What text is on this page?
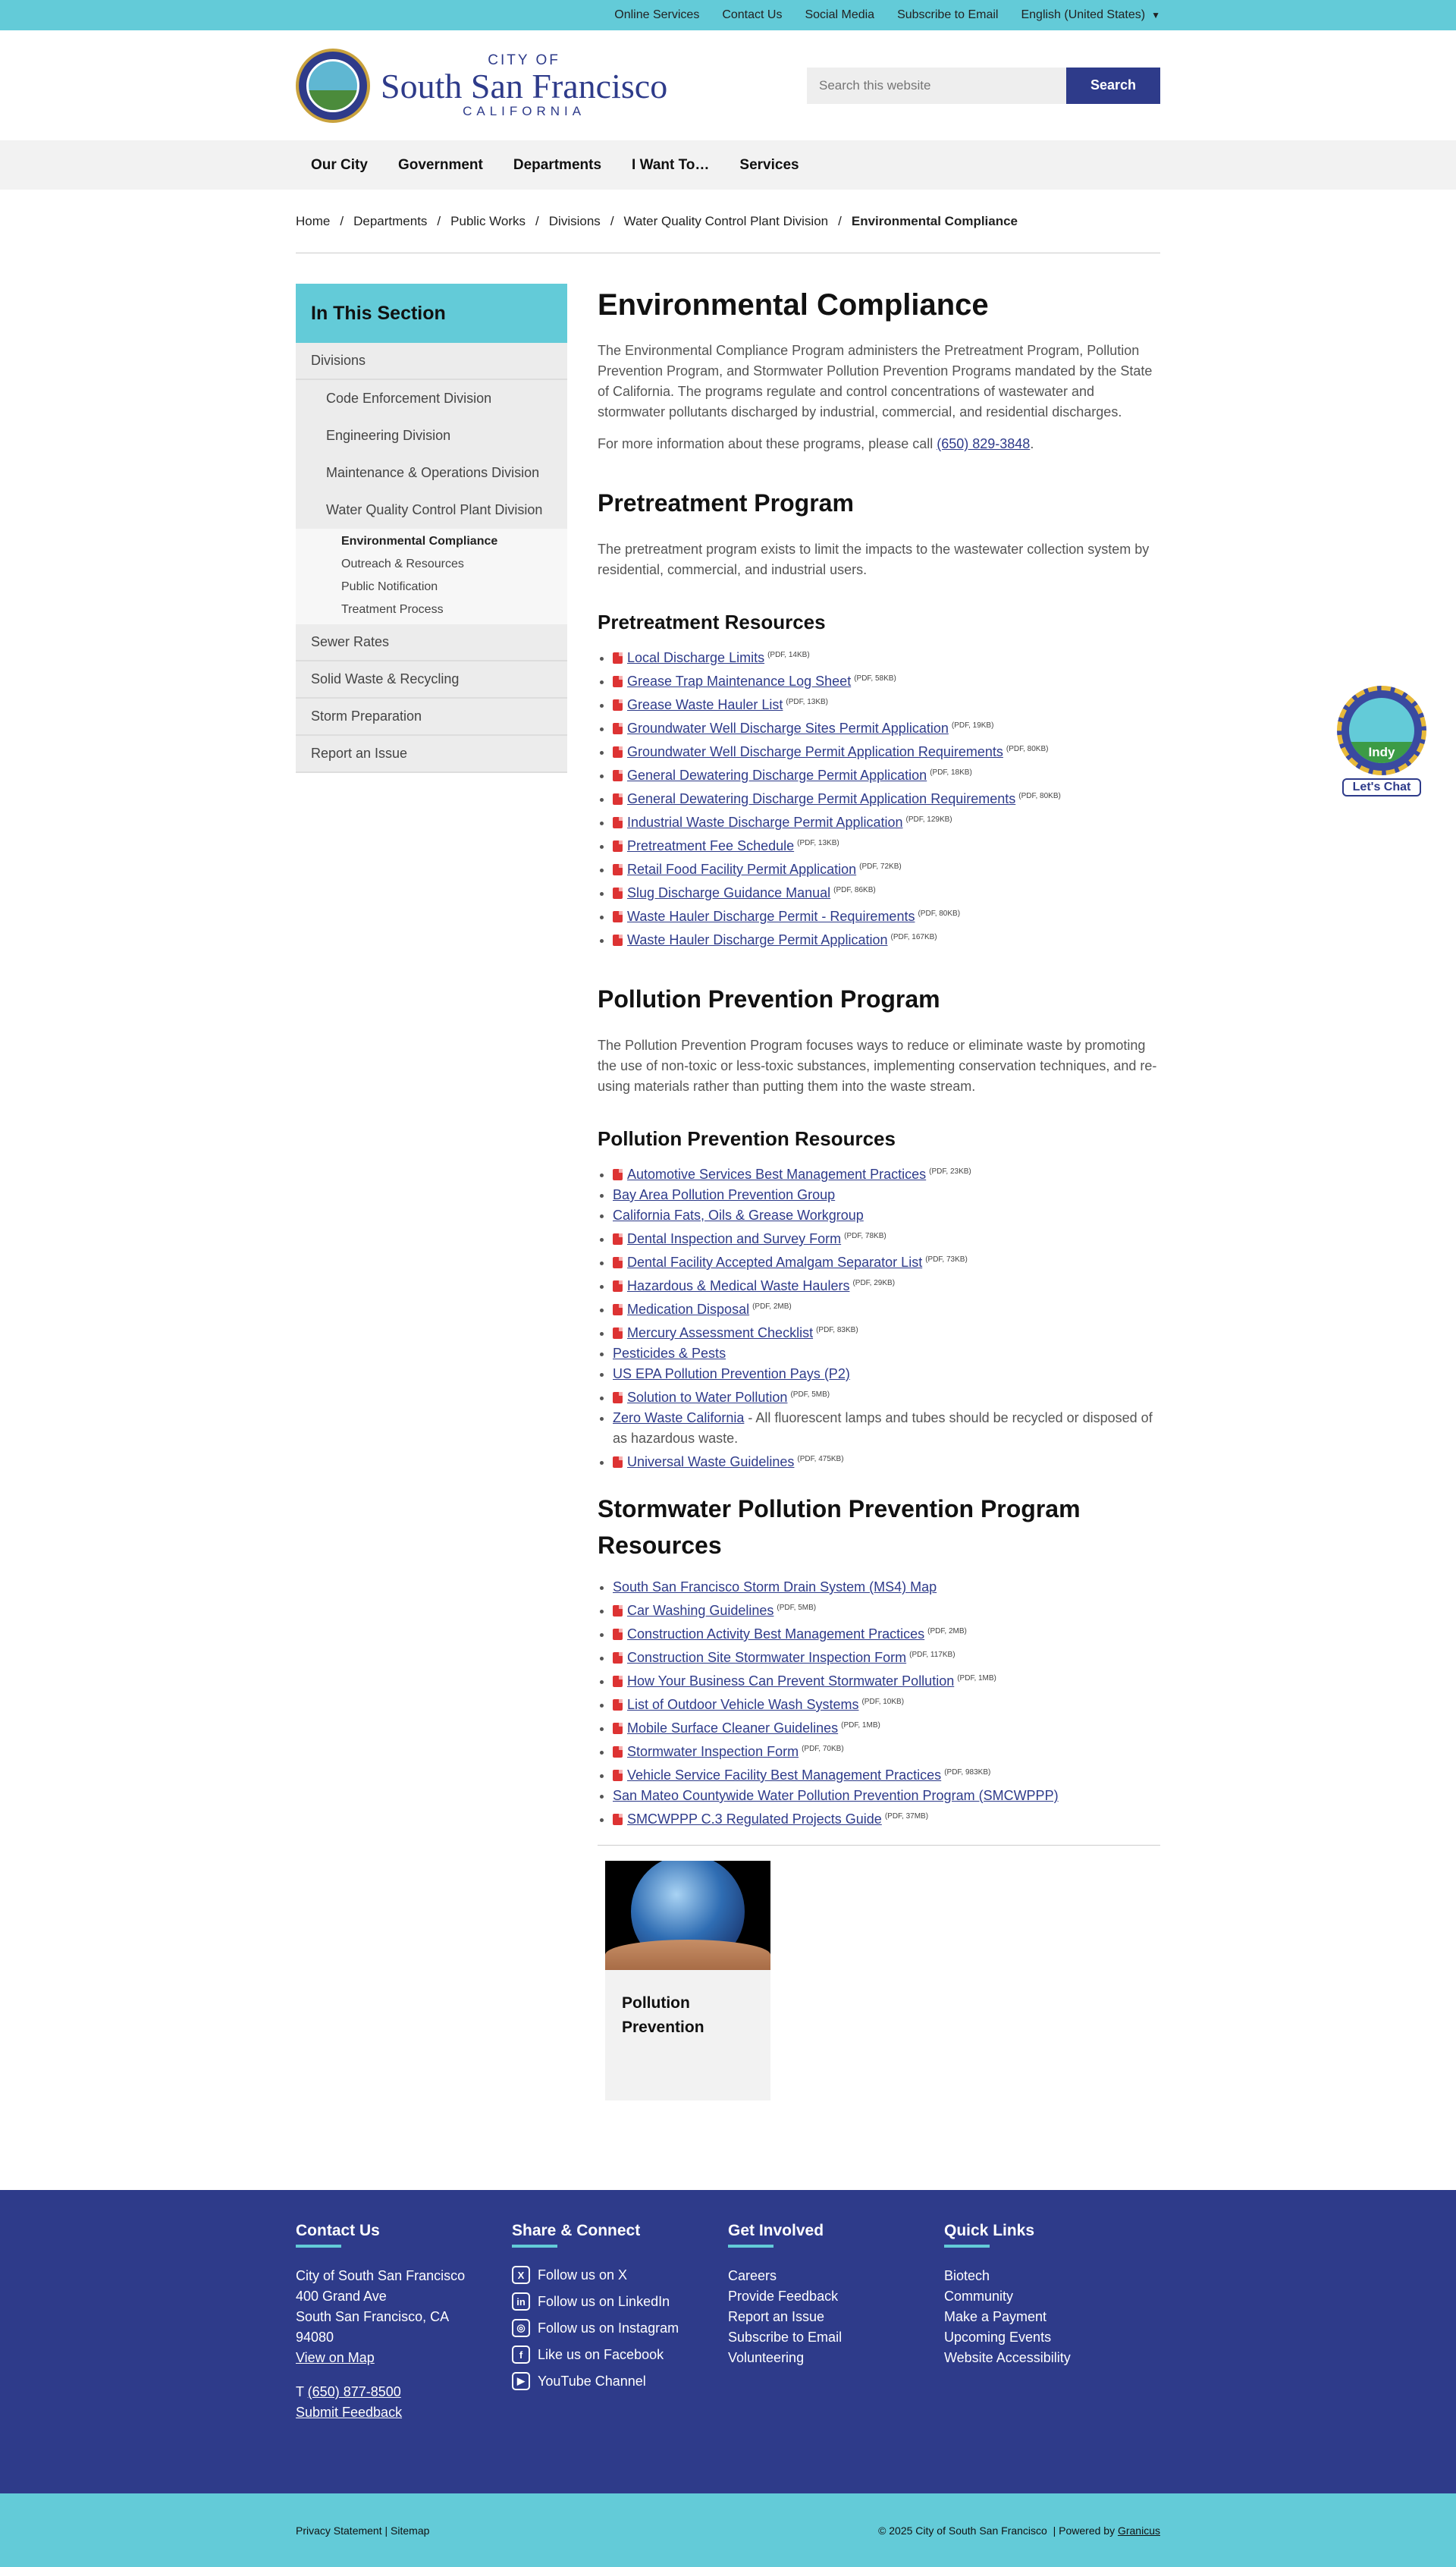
Online Services Contact Us Social Media Subscribe to Email English (United States) ▼
CITY OF
South San Francisco
CALIFORNIA
Search this website
Search
Our City Government Departments I Want To… Services
Home / Departments / Public Works / Divisions / Water Quality Control Plant Division / Environmental Compliance
In This Section
Divisions
Code Enforcement Division
Engineering Division
Maintenance & Operations Division
Water Quality Control Plant Division
Environmental Compliance
Outreach & Resources
Public Notification
Treatment Process
Sewer Rates
Solid Waste & Recycling
Storm Preparation
Report an Issue
Environmental Compliance

The Environmental Compliance Program administers the Pretreatment Program, Pollution Prevention Program, and Stormwater Pollution Prevention Programs mandated by the State of California. The programs regulate and control concentrations of wastewater and stormwater pollutants discharged by industrial, commercial, and residential discharges.

For more information about these programs, please call (650) 829-3848.

Pretreatment Program

The pretreatment program exists to limit the impacts to the wastewater collection system by residential, commercial, and industrial users.

Pretreatment Resources
• Local Discharge Limits $^{(PDF, 14KB)}$
• Grease Trap Maintenance Log Sheet $^{(PDF, 58KB)}$
• Grease Waste Hauler List $^{(PDF, 13KB)}$
• Groundwater Well Discharge Sites Permit Application $^{(PDF, 19KB)}$
• Groundwater Well Discharge Permit Application Requirements $^{(PDF, 80KB)}$
• General Dewatering Discharge Permit Application $^{(PDF, 18KB)}$
• General Dewatering Discharge Permit Application Requirements $^{(PDF, 80KB)}$
• Industrial Waste Discharge Permit Application $^{(PDF, 129KB)}$
• Pretreatment Fee Schedule $^{(PDF, 13KB)}$
• Retail Food Facility Permit Application $^{(PDF, 72KB)}$
• Slug Discharge Guidance Manual $^{(PDF, 86KB)}$
• Waste Hauler Discharge Permit - Requirements $^{(PDF, 80KB)}$
• Waste Hauler Discharge Permit Application $^{(PDF, 167KB)}$
Pollution Prevention Program

The Pollution Prevention Program focuses ways to reduce or eliminate waste by promoting the use of non-toxic or less-toxic substances, implementing conservation techniques, and re-using materials rather than putting them into the waste stream.

Pollution Prevention Resources
• Automotive Services Best Management Practices $^{(PDF, 23KB)}$
• Bay Area Pollution Prevention Group
• California Fats, Oils & Grease Workgroup
• Dental Inspection and Survey Form $^{(PDF, 78KB)}$
• Dental Facility Accepted Amalgam Separator List $^{(PDF, 73KB)}$
• Hazardous & Medical Waste Haulers $^{(PDF, 29KB)}$
• Medication Disposal $^{(PDF, 2MB)}$
• Mercury Assessment Checklist $^{(PDF, 83KB)}$
• Pesticides & Pests
• US EPA Pollution Prevention Pays (P2)
• Solution to Water Pollution $^{(PDF, 5MB)}$
• Zero Waste California - All fluorescent lamps and tubes should be recycled or disposed of as hazardous waste.
• Universal Waste Guidelines $^{(PDF, 475KB)}$
Stormwater Pollution Prevention Program Resources
• South San Francisco Storm Drain System (MS4) Map
• Car Washing Guidelines $^{(PDF, 5MB)}$
• Construction Activity Best Management Practices $^{(PDF, 2MB)}$
• Construction Site Stormwater Inspection Form $^{(PDF, 117KB)}$
• How Your Business Can Prevent Stormwater Pollution $^{(PDF, 1MB)}$
• List of Outdoor Vehicle Wash Systems $^{(PDF, 10KB)}$
• Mobile Surface Cleaner Guidelines $^{(PDF, 1MB)}$
• Stormwater Inspection Form $^{(PDF, 70KB)}$
• Vehicle Service Facility Best Management Practices $^{(PDF, 983KB)}$
• San Mateo Countywide Water Pollution Prevention Program (SMCWPPP)
• SMCWPPP C.3 Regulated Projects Guide $^{(PDF, 37MB)}$
Pollution Prevention
Indy
Let's Chat
Contact Us
City of South San Francisco
400 Grand Ave
South San Francisco, CA
94080
View on Map
T (650) 877-8500
Submit Feedback
Share & Connect
X Follow us on X
in Follow us on LinkedIn
◎ Follow us on Instagram
f	Like us on Facebook
▶ YouTube Channel
Get Involved
Careers
Provide Feedback
Report an Issue
Subscribe to Email
Volunteering
Quick Links
Biotech
Community
Make a Payment
Upcoming Events
Website Accessibility
Privacy Statement | Sitemap	© 2025 City of South San Francisco  | Powered by Granicus
